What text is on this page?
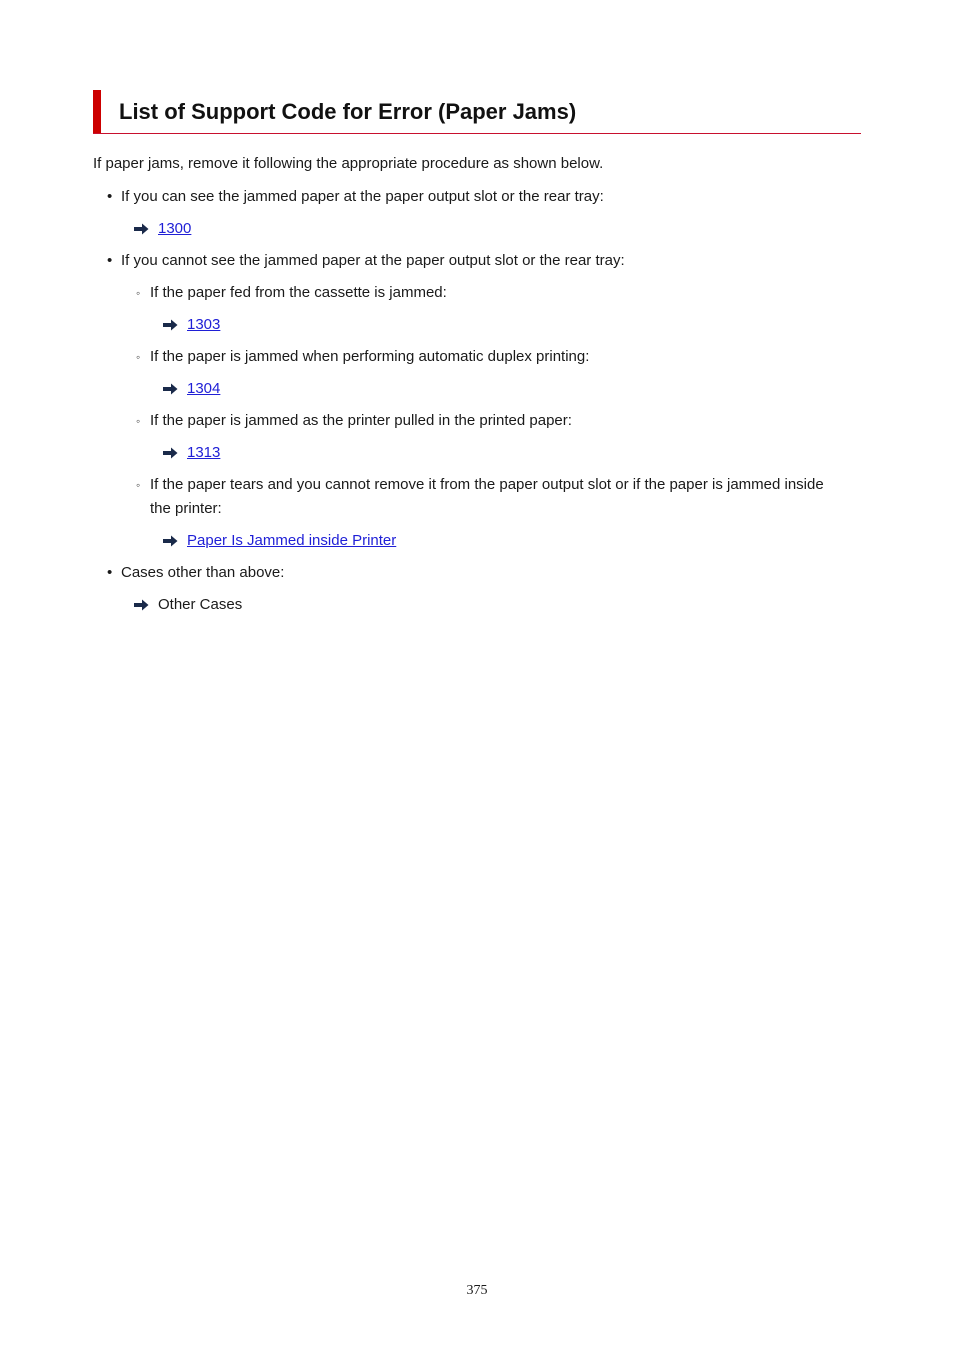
List of Support Code for Error (Paper Jams)
If paper jams, remove it following the appropriate procedure as shown below.
• If you can see the jammed paper at the paper output slot or the rear tray:
1300
• If you cannot see the jammed paper at the paper output slot or the rear tray:
◦ If the paper fed from the cassette is jammed:
1303
◦ If the paper is jammed when performing automatic duplex printing:
1304
◦ If the paper is jammed as the printer pulled in the printed paper:
1313
◦ If the paper tears and you cannot remove it from the paper output slot or if the paper is jammed inside the printer:
Paper Is Jammed inside Printer
• Cases other than above:
Other Cases
375
